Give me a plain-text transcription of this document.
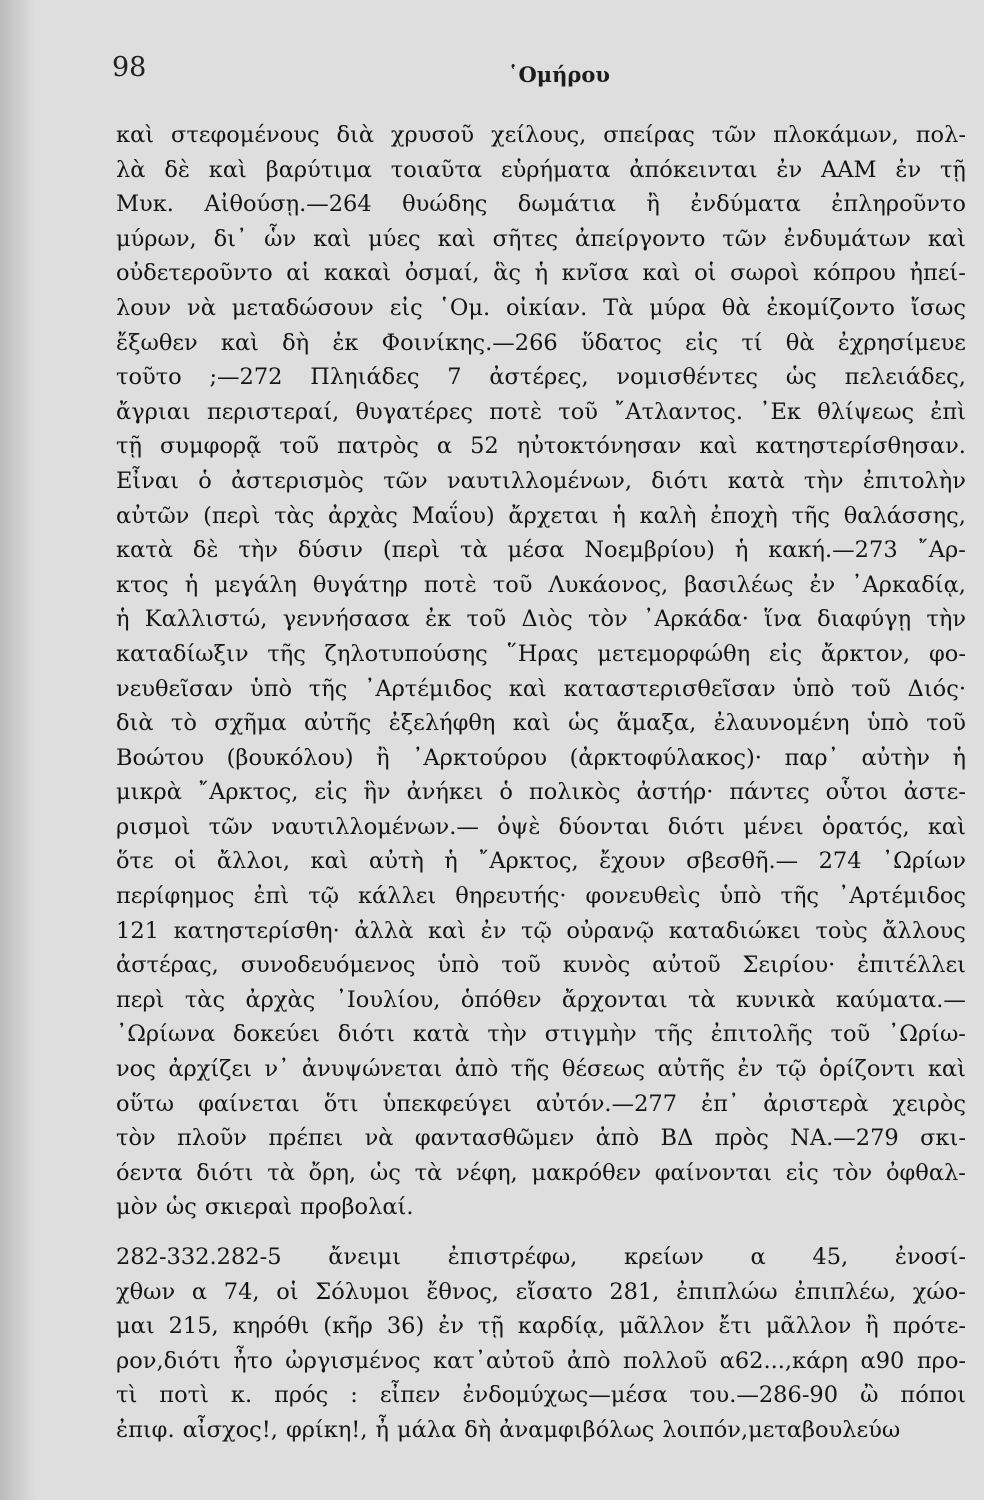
98	῾Ομήρου
καὶ στεφομένους διὰ χρυσοῦ χείλους, σπείρας τῶν πλοκάμων, πολ-
λὰ δὲ καὶ βαρύτιμα τοιαῦτα εὑρήματα ἀπόκεινται ἐν ΑΑΜ ἐν τῇ
Μυκ. Αἰθούσῃ.—264 θυώδης δωμάτια ἢ ἐνδύματα ἐπληροῦντο
μύρων, δι᾿ ὧν καὶ μύες καὶ σῆτες ἀπείργοντο τῶν ἐνδυμάτων καὶ
οὐδετεροῦντο αἱ κακαὶ ὀσμαί, ἃς ἡ κνῖσα καὶ οἱ σωροὶ κόπρου ἠπεί-
λουν νὰ μεταδώσουν εἰς ῾Ομ. οἰκίαν. Τὰ μύρα θὰ ἐκομίζοντο ἴσως
ἔξωθεν καὶ δὴ ἐκ Φοινίκης.—266 ὕδατος εἰς τί θὰ ἐχρησίμευε
τοῦτο ;—272 Πληιάδες 7 ἀστέρες, νομισθέντες ὡς πελειάδες,
ἄγριαι περιστεραί, θυγατέρες ποτὲ τοῦ ῎Ατλαντος. ᾿Εκ θλίψεως ἐπὶ
τῇ συμφορᾷ τοῦ πατρὸς α 52 ηὐτοκτόνησαν καὶ κατηστερίσθησαν.
Εἶναι ὁ ἀστερισμὸς τῶν ναυτιλλομένων, διότι κατὰ τὴν ἐπιτολὴν
αὐτῶν (περὶ τὰς ἀρχὰς Μαΐου) ἄρχεται ἡ καλὴ ἐποχὴ τῆς θαλάσσης,
κατὰ δὲ τὴν δύσιν (περὶ τὰ μέσα Νοεμβρίου) ἡ κακή.—273 ῎Αρ-
κτος ἡ μεγάλη θυγάτηρ ποτὲ τοῦ Λυκάονος, βασιλέως ἐν ᾿Αρκαδίᾳ,
ἡ Καλλιστώ, γεννήσασα ἐκ τοῦ Διὸς τὸν ᾿Αρκάδα· ἵνα διαφύγῃ τὴν
καταδίωξιν τῆς ζηλοτυπούσης ῞Ηρας μετεμορφώθη εἰς ἄρκτον, φο-
νευθεῖσαν ὑπὸ τῆς ᾿Αρτέμιδος καὶ καταστερισθεῖσαν ὑπὸ τοῦ Διός·
διὰ τὸ σχῆμα αὐτῆς ἐξελήφθη καὶ ὡς ἅμαξα, ἐλαυνομένη ὑπὸ τοῦ
Βοώτου (βουκόλου) ἢ ᾿Αρκτούρου (ἀρκτοφύλακος)· παρ᾿ αὐτὴν ἡ
μικρὰ ῎Αρκτος, εἰς ἣν ἀνήκει ὁ πολικὸς ἀστήρ· πάντες οὗτοι ἀστε-
ρισμοὶ τῶν ναυτιλλομένων.— ὀψὲ δύονται διότι μένει ὁρατός, καὶ
ὅτε οἱ ἄλλοι, καὶ αὐτὴ ἡ ῎Αρκτος, ἔχουν σβεσθῆ.— 274 ᾿Ωρίων
περίφημος ἐπὶ τῷ κάλλει θηρευτής· φονευθεὶς ὑπὸ τῆς ᾿Αρτέμιδος
121 κατηστερίσθη· ἀλλὰ καὶ ἐν τῷ οὐρανῷ καταδιώκει τοὺς ἄλλους
ἀστέρας, συνοδευόμενος ὑπὸ τοῦ κυνὸς αὐτοῦ Σειρίου· ἐπιτέλλει
περὶ τὰς ἀρχὰς ᾿Ιουλίου, ὁπόθεν ἄρχονται τὰ κυνικὰ καύματα.—
᾿Ωρίωνα δοκεύει διότι κατὰ τὴν στιγμὴν τῆς ἐπιτολῆς τοῦ ᾿Ωρίω-
νος ἀρχίζει ν᾿ ἀνυψώνεται ἀπὸ τῆς θέσεως αὐτῆς ἐν τῷ ὁρίζοντι καὶ
οὕτω φαίνεται ὅτι ὑπεκφεύγει αὐτόν.—277 ἐπ᾿ ἀριστερὰ χειρὸς
τὸν πλοῦν πρέπει νὰ φαντασθῶμεν ἀπὸ ΒΔ πρὸς ΝΑ.—279 σκι-
όεντα διότι τὰ ὄρη, ὡς τὰ νέφη, μακρόθεν φαίνονται εἰς τὸν ὀφθαλ-
μὸν ὡς σκιεραὶ προβολαί.
282-332.282-5 ἄνειμι ἐπιστρέφω, κρείων α 45, ἐνοσί-
χθων α 74, οἱ Σόλυμοι ἔθνος, εἴσατο 281, ἐπιπλώω ἐπιπλέω, χώο-
μαι 215, κηρόθι (κῆρ 36) ἐν τῇ καρδίᾳ, μᾶλλον ἔτι μᾶλλον ἢ πρότε-
ρον,διότι ἦτο ὠργισμένος κατ᾿αὐτοῦ ἀπὸ πολλοῦ α62...,κάρη α90 προ-
τὶ ποτὶ κ. πρός : εἶπεν ἐνδομύχως—μέσα του.—286-90 ὢ πόποι
ἐπιφ. αἶσχος!, φρίκη!, ἦ μάλα δὴ ἀναμφιβόλως λοιπόν,μεταβουλεύω
